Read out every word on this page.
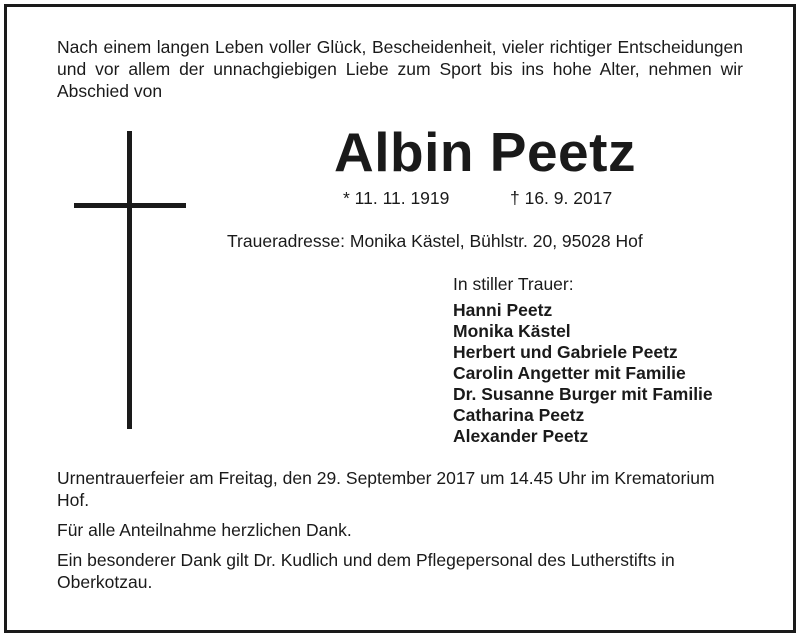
Nach einem langen Leben voller Glück, Bescheidenheit, vieler richtiger Entscheidungen und vor allem der unnachgiebigen Liebe zum Sport bis ins hohe Alter, nehmen wir Abschied von

Albin Peetz
* 11. 11. 1919	† 16. 9. 2017
Traueradresse: Monika Kästel, Bühlstr. 20, 95028 Hof

In stiller Trauer:

Hanni Peetz
Monika Kästel
Herbert und Gabriele Peetz
Carolin Angetter mit Familie
Dr. Susanne Burger mit Familie
Catharina Peetz
Alexander Peetz

Urnentrauerfeier am Freitag, den 29. September 2017 um 14.45 Uhr im Krematorium Hof.

Für alle Anteilnahme herzlichen Dank.

Ein besonderer Dank gilt Dr. Kudlich und dem Pflegepersonal des Lutherstifts in Oberkotzau.
